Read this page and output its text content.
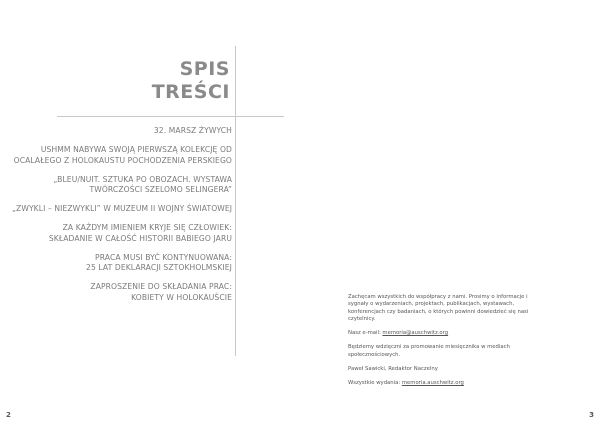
SPIS
TREŚCI
32. MARSZ ŻYWYCH
USHMM NABYWA SWOJĄ PIERWSZĄ KOLEKCJĘ OD
OCALAŁEGO Z HOLOKAUSTU POCHODZENIA PERSKIEGO
„BLEU/NUIT. SZTUKA PO OBOZACH. WYSTAWA
TWÓRCZOŚCI SZELOMO SELINGERA”
„ZWYKLI – NIEZWYKLI” W MUZEUM II WOJNY ŚWIATOWEJ
ZA KAŻDYM IMIENIEM KRYJE SIĘ CZŁOWIEK:
SKŁADANIE W CAŁOŚĆ HISTORII BABIEGO JARU
PRACA MUSI BYĆ KONTYNUOWANA:
25 LAT DEKLARACJI SZTOKHOLMSKIEJ
ZAPROSZENIE DO SKŁADANIA PRAC:
KOBIETY W HOLOKAUŚCIE
2

Zachęcam wszystkich do współpracy z nami. Prosimy o informacje i sygnały o wydarzeniach, projektach, publikacjach, wystawach, konferencjach czy badaniach, o których powinni dowiedzieć się nasi czytelnicy.

Nasz e-mail: memoria@auschwitz.org

Będziemy wdzięczni za promowanie miesięcznika w mediach społecznościowych.

Paweł Sawicki, Redaktor Naczelny

Wszystkie wydania: memoria.auschwitz.org

3
